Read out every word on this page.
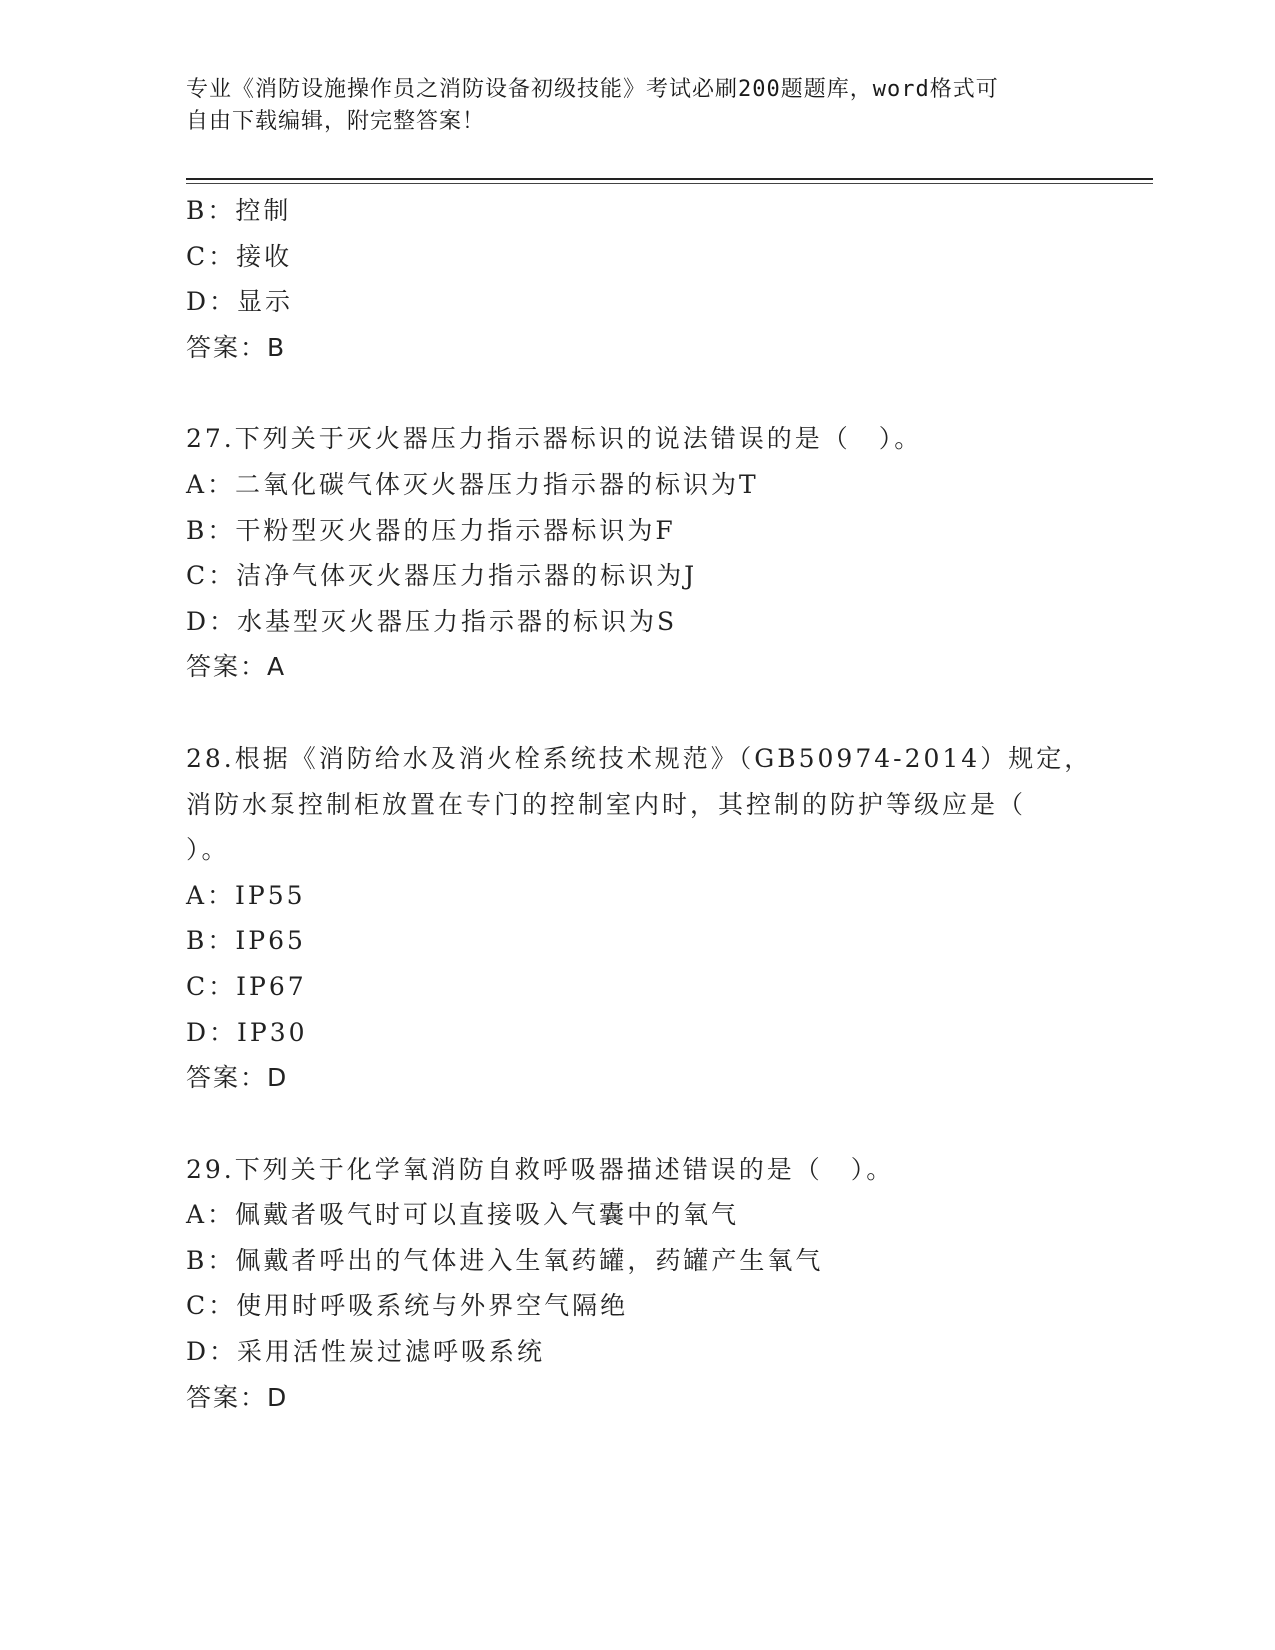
专业《消防设施操作员之消防设备初级技能》考试必刷200题题库，word格式可
自由下载编辑，附完整答案！
B：控制
C：接收
D：显示
答案：B
27.下列关于灭火器压力指示器标识的说法错误的是（　）。
A：二氧化碳气体灭火器压力指示器的标识为T
B：干粉型灭火器的压力指示器标识为F
C：洁净气体灭火器压力指示器的标识为J
D：水基型灭火器压力指示器的标识为S
答案：A
28.根据《消防给水及消火栓系统技术规范》（GB50974-2014）规定，
消防水泵控制柜放置在专门的控制室内时，其控制的防护等级应是（
）。
A：IP55
B：IP65
C：IP67
D：IP30
答案：D
29.下列关于化学氧消防自救呼吸器描述错误的是（　）。
A：佩戴者吸气时可以直接吸入气囊中的氧气
B：佩戴者呼出的气体进入生氧药罐，药罐产生氧气
C：使用时呼吸系统与外界空气隔绝
D：采用活性炭过滤呼吸系统
答案：D
